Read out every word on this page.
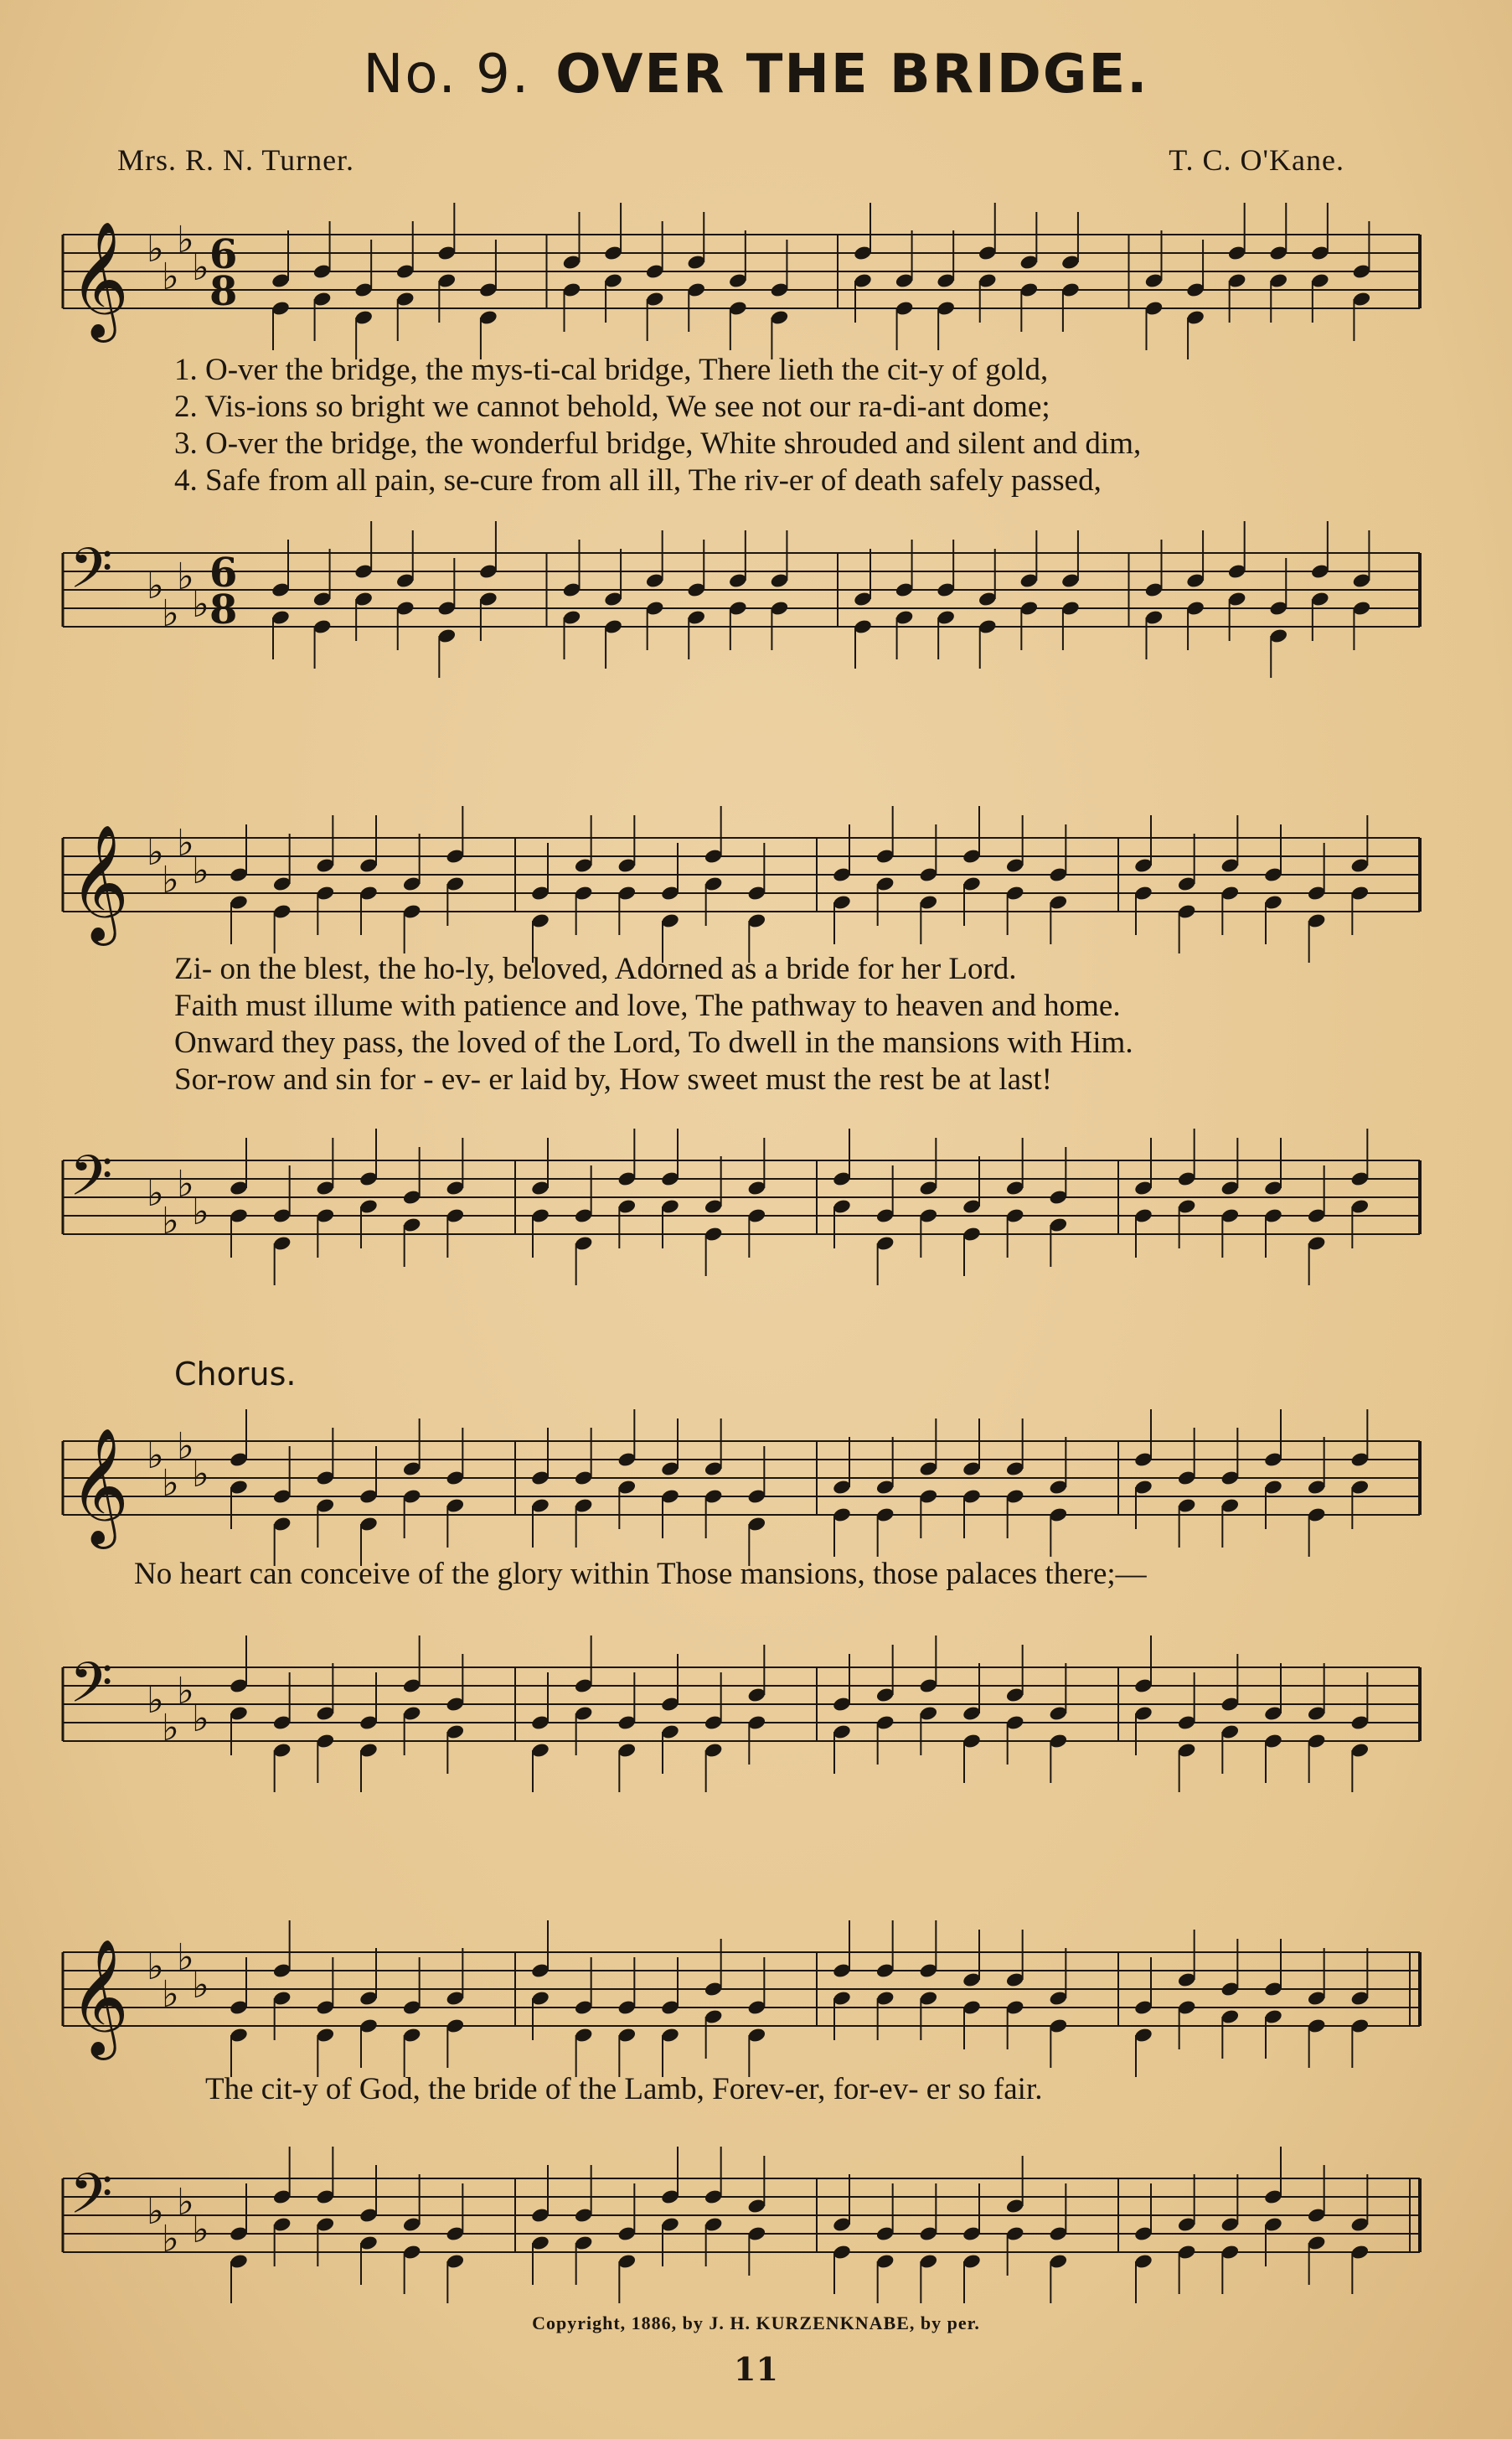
No. 9. OVER THE BRIDGE.
Mrs. R. N. Turner.	T. C. O'Kane.
𝄞 ♭
♭
♭
♭ 6
8
𝄢 ♭
♭
♭
♭
6
8
1. O-ver the bridge, the mys-ti-cal bridge, There lieth the cit-y of gold,
2. Vis-ions so bright we cannot behold, We see not our ra-di-ant dome;
3. O-ver the bridge, the wonderful bridge, White shrouded and silent and dim,
4. Safe from all pain, se-cure from all ill, The riv-er of death safely passed,
𝄞 ♭
♭
♭
♭
𝄢 ♭
♭
♭
♭
Zi- on the blest, the ho-ly, beloved, Adorned as a bride for her Lord.
Faith must illume with patience and love, The pathway to heaven and home.
Onward they pass, the loved of the Lord, To dwell in the mansions with Him.
Sor-row and sin for - ev- er laid by, How sweet must the rest be at last!
Chorus.
𝄞 ♭
♭
♭
♭
𝄢 ♭
♭
♭
♭
No heart can conceive of the glory within Those mansions, those palaces there;—
𝄞 ♭
♭
♭
♭
𝄢 ♭
♭
♭
♭
The cit-y of God, the bride of the Lamb, Forev-er, for-ev- er so fair.
Copyright, 1886, by J. H. KURZENKNABE, by per.
11
